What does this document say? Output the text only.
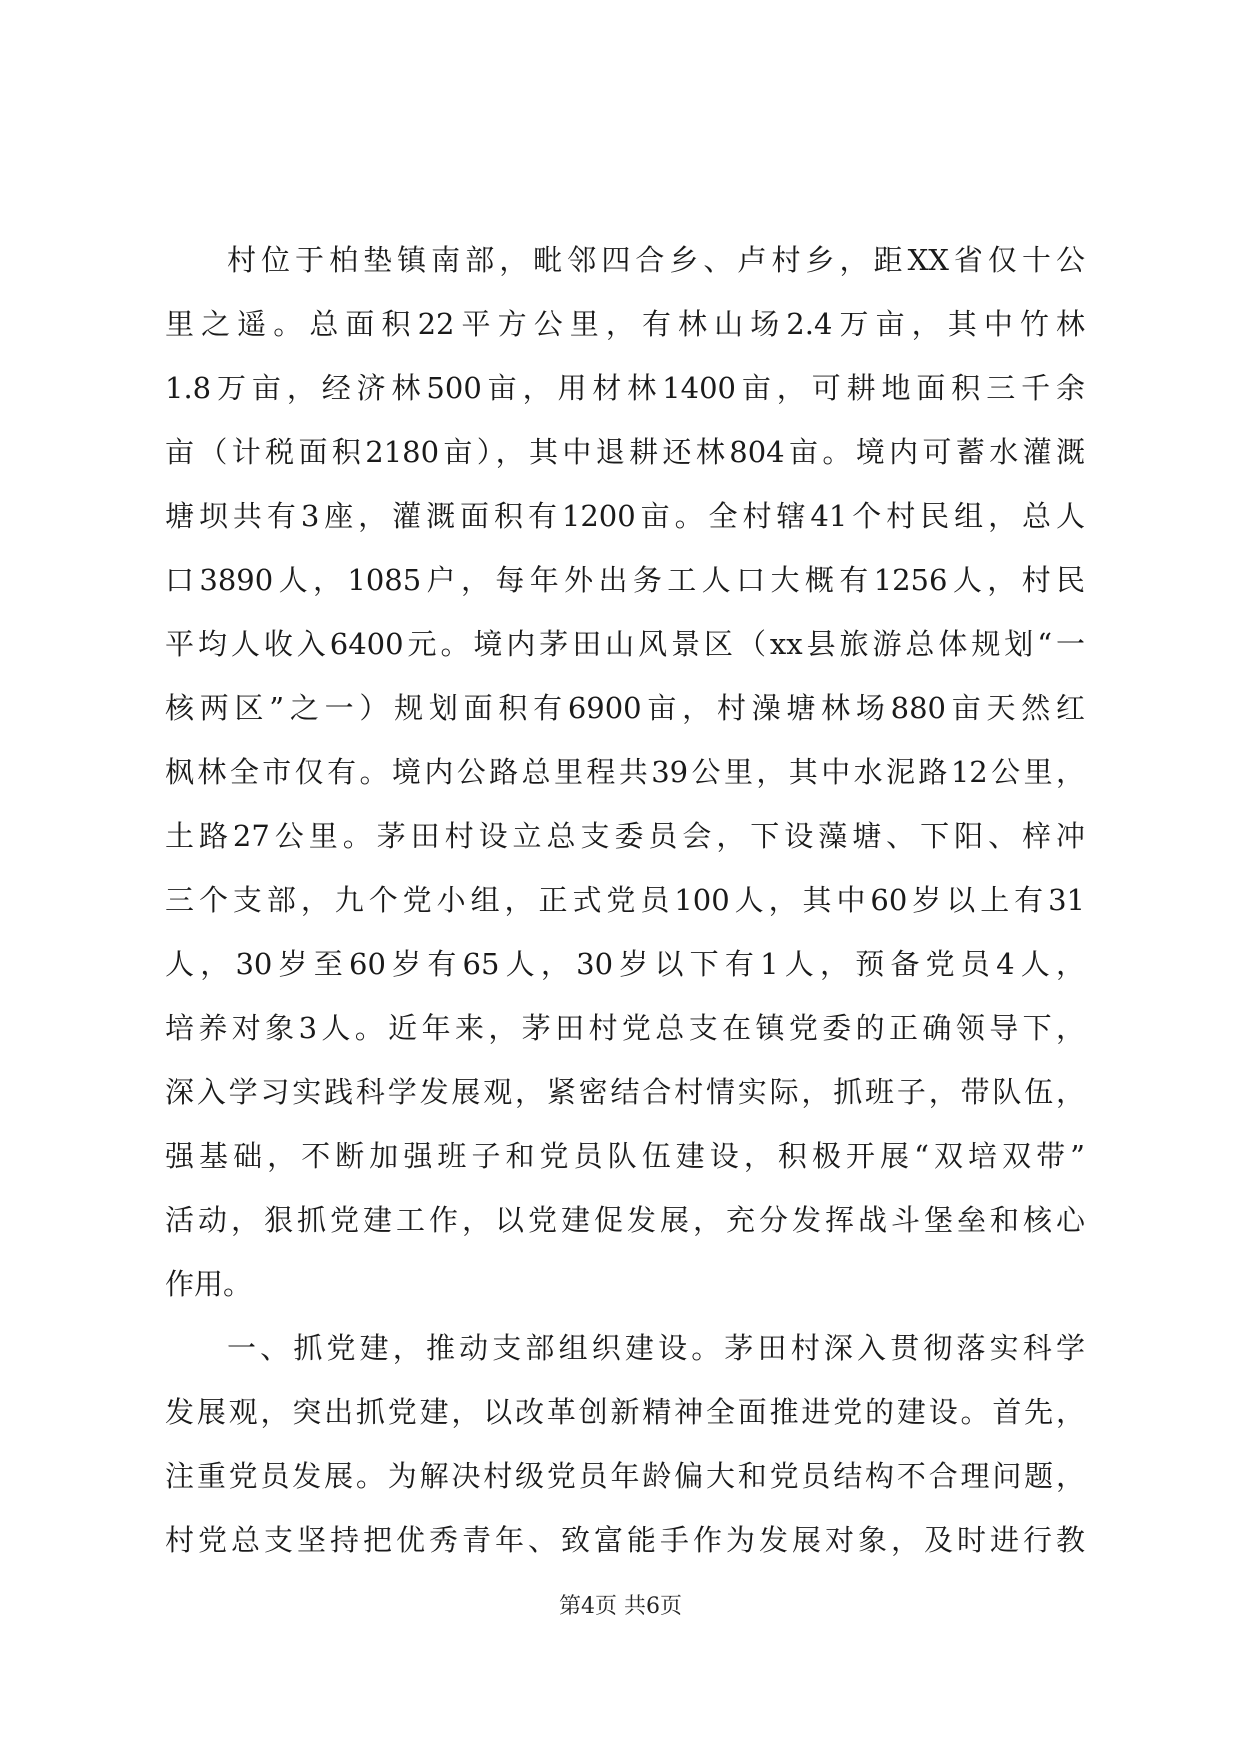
村位于柏垫镇南部，毗邻四合乡、卢村乡，距XX省仅十公
里之遥。总面积22平方公里，有林山场2.4万亩，其中竹林
1.8万亩，经济林500亩，用材林1400亩，可耕地面积三千余
亩（计税面积2180亩），其中退耕还林804亩。境内可蓄水灌溉
塘坝共有3座，灌溉面积有1200亩。全村辖41个村民组，总人
口3890人，1085户，每年外出务工人口大概有1256人，村民
平均人收入6400元。境内茅田山风景区（xx县旅游总体规划“一
核两区”之一）规划面积有6900亩，村澡塘林场880亩天然红
枫林全市仅有。境内公路总里程共39公里，其中水泥路12公里，
土路27公里。茅田村设立总支委员会，下设藻塘、下阳、梓冲
三个支部，九个党小组，正式党员100人，其中60岁以上有31
人，30岁至60岁有65人，30岁以下有1人，预备党员4人，
培养对象3人。近年来，茅田村党总支在镇党委的正确领导下，
深入学习实践科学发展观，紧密结合村情实际，抓班子，带队伍，
强基础，不断加强班子和党员队伍建设，积极开展“双培双带”
活动，狠抓党建工作，以党建促发展，充分发挥战斗堡垒和核心
作用。
一、抓党建，推动支部组织建设。茅田村深入贯彻落实科学
发展观，突出抓党建，以改革创新精神全面推进党的建设。首先，
注重党员发展。为解决村级党员年龄偏大和党员结构不合理问题，
村党总支坚持把优秀青年、致富能手作为发展对象，及时进行教
第4页 共6页
